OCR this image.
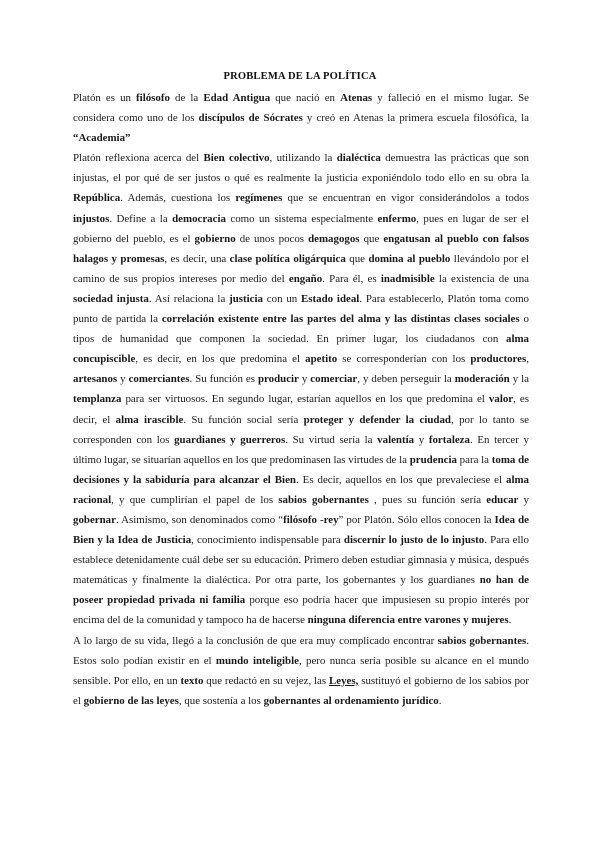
PROBLEMA DE LA POLÍTICA

Platón es un filósofo de la Edad Antigua que nació en Atenas y falleció en el mismo lugar. Se considera como uno de los discípulos de Sócrates y creó en Atenas la primera escuela filosófica, la “Academia”

Platón reflexiona acerca del Bien colectivo, utilizando la dialéctica demuestra las prácticas que son injustas, el por qué de ser justos o qué es realmente la justicia exponiéndolo todo ello en su obra la República. Además, cuestiona los regímenes que se encuentran en vigor considerándolos a todos injustos. Define a la democracia como un sistema especialmente enfermo, pues en lugar de ser el gobierno del pueblo, es el gobierno de unos pocos demagogos que engatusan al pueblo con falsos halagos y promesas, es decir, una clase política oligárquica que domina al pueblo llevándolo por el camino de sus propios intereses por medio del engaño. Para él, es inadmisible la existencia de una sociedad injusta. Así relaciona la justicia con un Estado ideal. Para establecerlo, Platón toma como punto de partida la correlación existente entre las partes del alma y las distintas clases sociales o tipos de humanidad que componen la sociedad. En primer lugar, los ciudadanos con alma concupiscible, es decir, en los que predomina el apetito se corresponderían con los productores, artesanos y comerciantes. Su función es producir y comerciar, y deben perseguir la moderación y la templanza para ser virtuosos. En segundo lugar, estarían aquellos en los que predomina el valor, es decir, el alma irascible. Su función social sería proteger y defender la ciudad, por lo tanto se corresponden con los guardianes y guerreros. Su virtud sería la valentía y fortaleza. En tercer y último lugar, se situarían aquellos en los que predominasen las virtudes de la prudencia para la toma de decisiones y la sabiduría para alcanzar el Bien. Es decir, aquellos en los que prevaleciese el alma racional, y que cumplirían el papel de los sabios gobernantes , pues su función sería educar y gobernar. Asimismo, son denominados como “filósofo -rey” por Platón. Sólo ellos conocen la Idea de Bien y la Idea de Justicia, conocimiento indispensable para discernir lo justo de lo injusto. Para ello establece detenidamente cuál debe ser su educación. Primero deben estudiar gimnasia y música, después matemáticas y finalmente la dialéctica. Por otra parte, los gobernantes y los guardianes no han de poseer propiedad privada ni familia porque eso podría hacer que impusiesen su propio interés por encima del de la comunidad y tampoco ha de hacerse ninguna diferencia entre varones y mujeres.

A lo largo de su vida, llegó a la conclusión de que era muy complicado encontrar sabios gobernantes. Estos solo podían existir en el mundo inteligible, pero nunca sería posible su alcance en el mundo sensible. Por ello, en un texto que redactó en su vejez, las Leyes, sustituyó el gobierno de los sabios por el gobierno de las leyes, que sostenía a los gobernantes al ordenamiento jurídico.
